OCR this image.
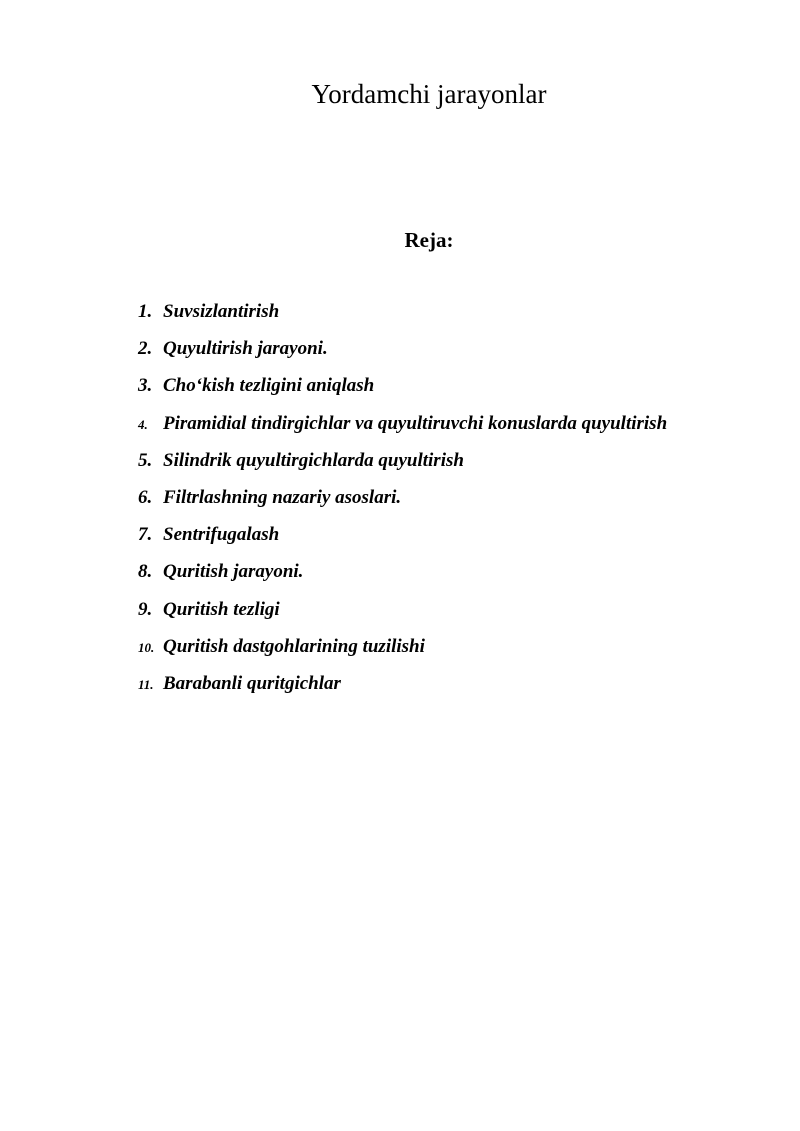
Yordamchi jarayonlar
Reja:
1. Suvsizlantirish
2. Quyultirish jarayoni.
3. Cho‘kish tezligini aniqlash
4. Piramidial tindirgichlar va quyultiruvchi konuslarda quyultirish
5. Silindrik quyultirgichlarda quyultirish
6. Filtrlashning nazariy asoslari.
7. Sentrifugalash
8. Quritish jarayoni.
9. Quritish tezligi
10. Quritish dastgohlarining tuzilishi
11. Barabanli quritgichlar
